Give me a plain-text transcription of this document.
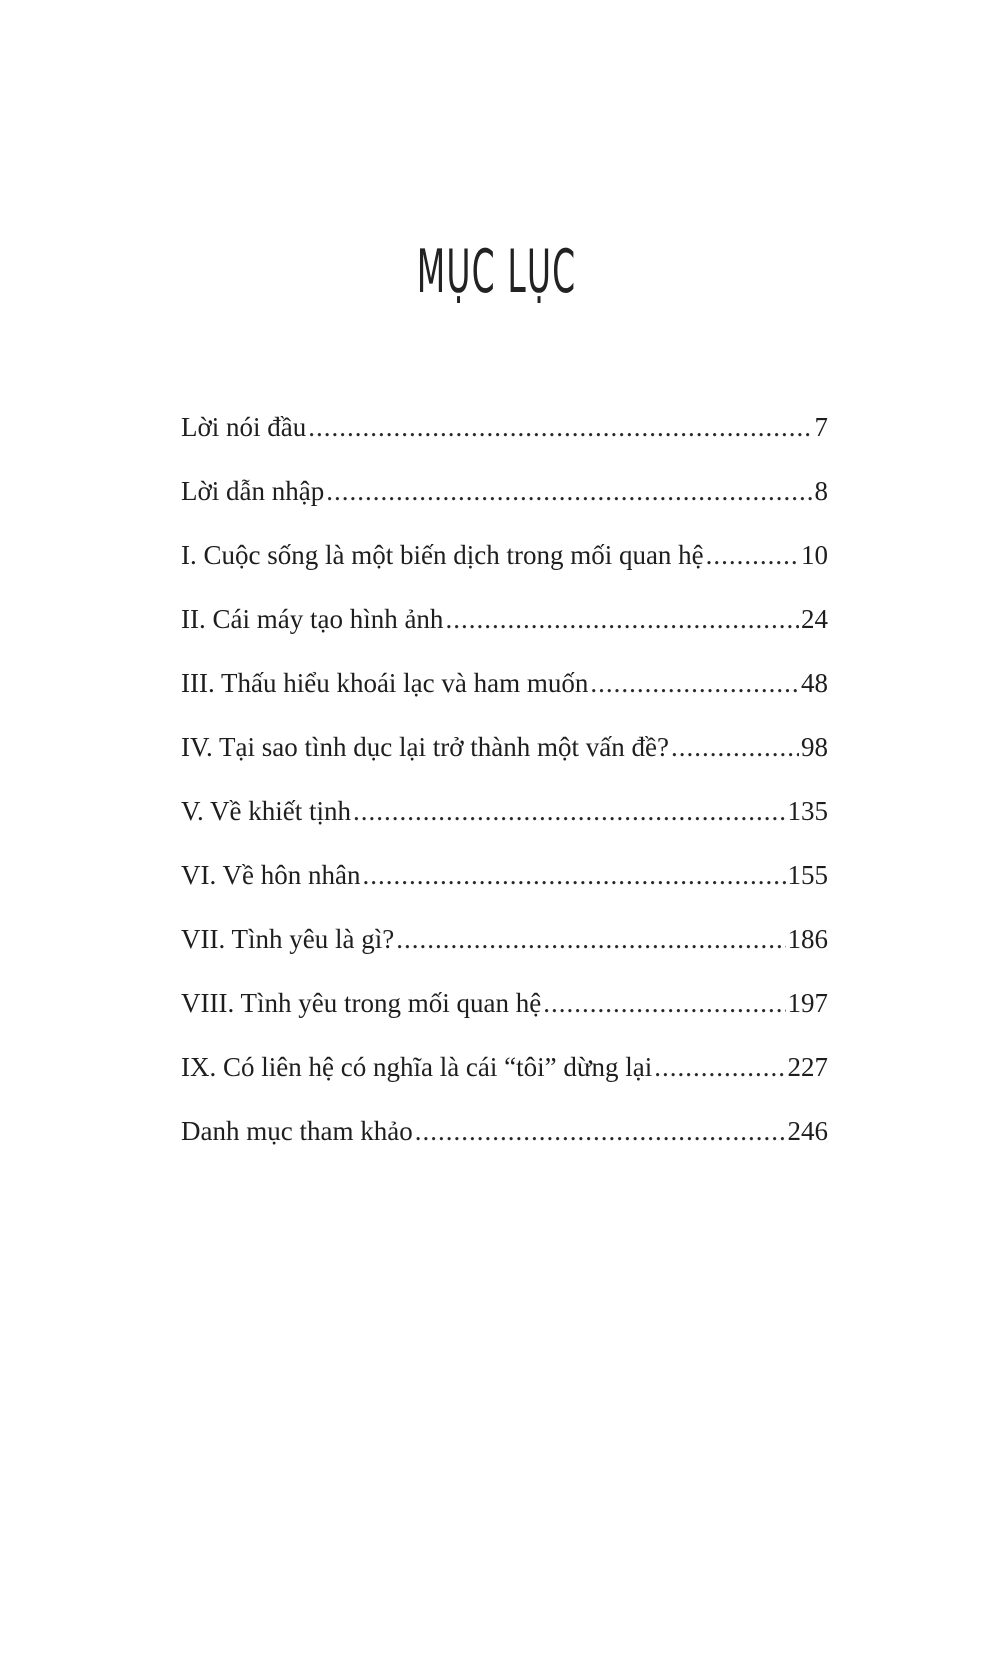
MỤC LỤC
Lời nói đầu .....	7
Lời dẫn nhập .....	8
I. Cuộc sống là một biến dịch trong mối quan hệ .....	10
II. Cái máy tạo hình ảnh .....	24
III. Thấu hiểu khoái lạc và ham muốn .....	48
IV. Tại sao tình dục lại trở thành một vấn đề? .....	98
V. Về khiết tịnh .....	135
VI. Về hôn nhân .....	155
VII. Tình yêu là gì? .....	186
VIII. Tình yêu trong mối quan hệ .....	197
IX. Có liên hệ có nghĩa là cái “tôi” dừng lại .....	227
Danh mục tham khảo .....	246
